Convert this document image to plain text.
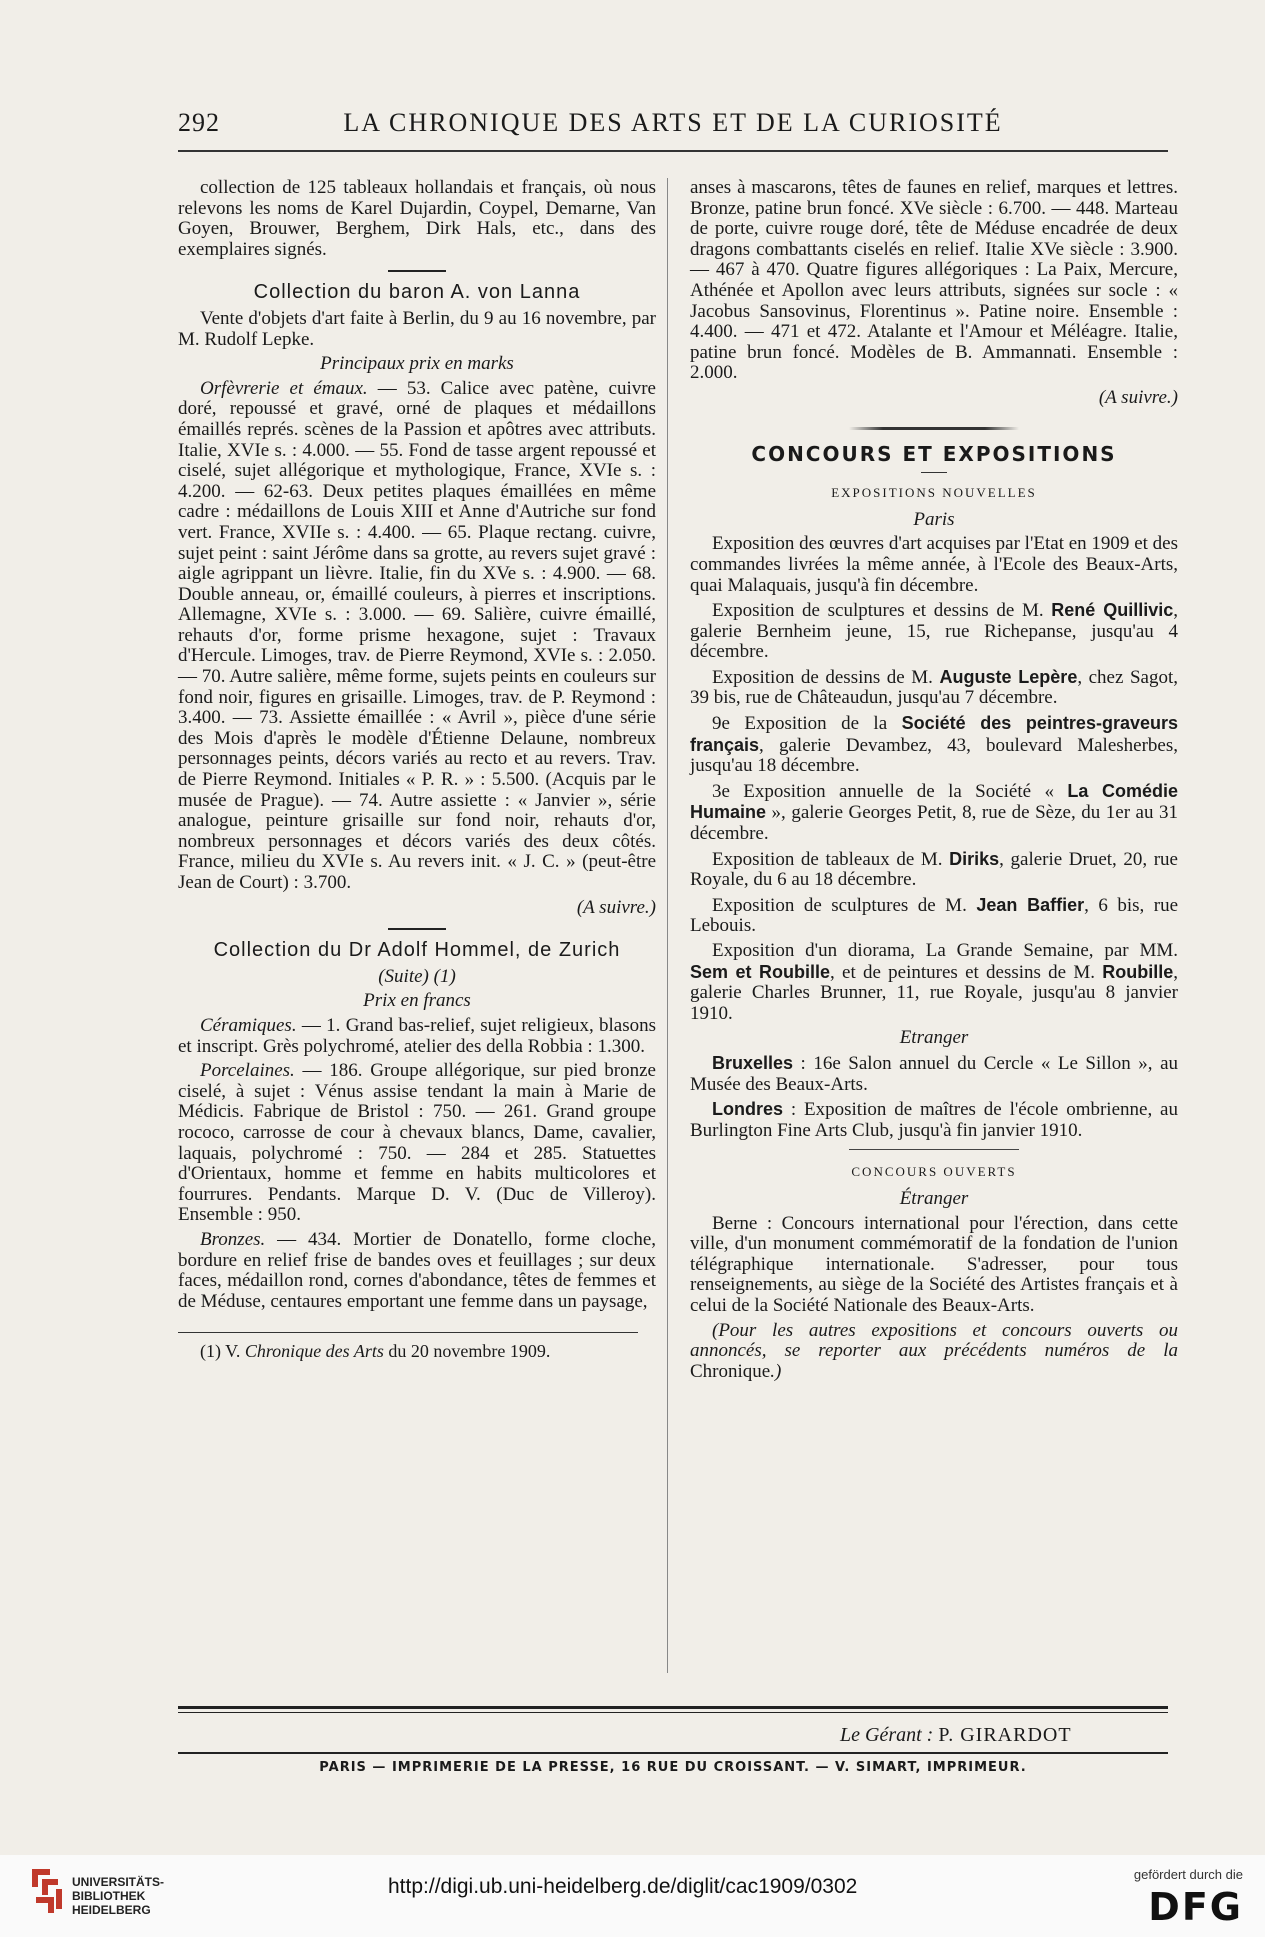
292	LA CHRONIQUE DES ARTS ET DE LA CURIOSITÉ

collection de 125 tableaux hollandais et français, où nous relevons les noms de Karel Dujardin, Coypel, Demarne, Van Goyen, Brouwer, Berghem, Dirk Hals, etc., dans des exemplaires signés.

Collection du baron A. von Lanna

Vente d'objets d'art faite à Berlin, du 9 au 16 novembre, par M. Rudolf Lepke.

Principaux prix en marks

Orfèvrerie et émaux. — 53. Calice avec patène, cuivre doré, repoussé et gravé, orné de plaques et médaillons émaillés représ. scènes de la Passion et apôtres avec attributs. Italie, XVIe s. : 4.000. — 55. Fond de tasse argent repoussé et ciselé, sujet allégorique et mythologique, France, XVIe s. : 4.200. — 62-63. Deux petites plaques émaillées en même cadre : médaillons de Louis XIII et Anne d'Autriche sur fond vert. France, XVIIe s. : 4.400. — 65. Plaque rectang. cuivre, sujet peint : saint Jérôme dans sa grotte, au revers sujet gravé : aigle agrippant un lièvre. Italie, fin du XVe s. : 4.900. — 68. Double anneau, or, émaillé couleurs, à pierres et inscriptions. Allemagne, XVIe s. : 3.000. — 69. Salière, cuivre émaillé, rehauts d'or, forme prisme hexagone, sujet : Travaux d'Hercule. Limoges, trav. de Pierre Reymond, XVIe s. : 2.050. — 70. Autre salière, même forme, sujets peints en couleurs sur fond noir, figures en grisaille. Limoges, trav. de P. Reymond : 3.400. — 73. Assiette émaillée : « Avril », pièce d'une série des Mois d'après le modèle d'Étienne Delaune, nombreux personnages peints, décors variés au recto et au revers. Trav. de Pierre Reymond. Initiales « P. R. » : 5.500. (Acquis par le musée de Prague). — 74. Autre assiette : « Janvier », série analogue, peinture grisaille sur fond noir, rehauts d'or, nombreux personnages et décors variés des deux côtés. France, milieu du XVIe s. Au revers init. « J. C. » (peut-être Jean de Court) : 3.700.

(A suivre.)
Collection du Dr Adolf Hommel, de Zurich
(Suite) (1)
Prix en francs

Céramiques. — 1. Grand bas-relief, sujet religieux, blasons et inscript. Grès polychromé, atelier des della Robbia : 1.300.

Porcelaines. — 186. Groupe allégorique, sur pied bronze ciselé, à sujet : Vénus assise tendant la main à Marie de Médicis. Fabrique de Bristol : 750. — 261. Grand groupe rococo, carrosse de cour à chevaux blancs, Dame, cavalier, laquais, polychromé : 750. — 284 et 285. Statuettes d'Orientaux, homme et femme en habits multicolores et fourrures. Pendants. Marque D. V. (Duc de Villeroy). Ensemble : 950.

Bronzes. — 434. Mortier de Donatello, forme cloche, bordure en relief frise de bandes oves et feuillages ; sur deux faces, médaillon rond, cornes d'abondance, têtes de femmes et de Méduse, centaures emportant une femme dans un paysage,

(1) V. Chronique des Arts du 20 novembre 1909.

anses à mascarons, têtes de faunes en relief, marques et lettres. Bronze, patine brun foncé. XVe siècle : 6.700. — 448. Marteau de porte, cuivre rouge doré, tête de Méduse encadrée de deux dragons combattants ciselés en relief. Italie XVe siècle : 3.900. — 467 à 470. Quatre figures allégoriques : La Paix, Mercure, Athénée et Apollon avec leurs attributs, signées sur socle : « Jacobus Sansovinus, Florentinus ». Patine noire. Ensemble : 4.400. — 471 et 472. Atalante et l'Amour et Méléagre. Italie, patine brun foncé. Modèles de B. Ammannati. Ensemble : 2.000.

(A suivre.)
CONCOURS ET EXPOSITIONS
EXPOSITIONS NOUVELLES
Paris

Exposition des œuvres d'art acquises par l'Etat en 1909 et des commandes livrées la même année, à l'Ecole des Beaux-Arts, quai Malaquais, jusqu'à fin décembre.

Exposition de sculptures et dessins de M. René Quillivic, galerie Bernheim jeune, 15, rue Richepanse, jusqu'au 4 décembre.

Exposition de dessins de M. Auguste Lepère, chez Sagot, 39 bis, rue de Châteaudun, jusqu'au 7 décembre.

9e Exposition de la Société des peintres-graveurs français, galerie Devambez, 43, boulevard Malesherbes, jusqu'au 18 décembre.

3e Exposition annuelle de la Société « La Comédie Humaine », galerie Georges Petit, 8, rue de Sèze, du 1er au 31 décembre.

Exposition de tableaux de M. Diriks, galerie Druet, 20, rue Royale, du 6 au 18 décembre.

Exposition de sculptures de M. Jean Baffier, 6 bis, rue Lebouis.

Exposition d'un diorama, La Grande Semaine, par MM. Sem et Roubille, et de peintures et dessins de M. Roubille, galerie Charles Brunner, 11, rue Royale, jusqu'au 8 janvier 1910.

Etranger

Bruxelles : 16e Salon annuel du Cercle « Le Sillon », au Musée des Beaux-Arts.

Londres : Exposition de maîtres de l'école ombrienne, au Burlington Fine Arts Club, jusqu'à fin janvier 1910.

CONCOURS OUVERTS
Étranger

Berne : Concours international pour l'érection, dans cette ville, d'un monument commémoratif de la fondation de l'union télégraphique internationale. S'adresser, pour tous renseignements, au siège de la Société des Artistes français et à celui de la Société Nationale des Beaux-Arts.

(Pour les autres expositions et concours ouverts ou annoncés, se reporter aux précédents numéros de la Chronique.)

Le Gérant : P. GIRARDOT
PARIS — IMPRIMERIE DE LA PRESSE, 16 RUE DU CROISSANT. — V. SIMART, IMPRIMEUR.
UNIVERSITÄTS-
BIBLIOTHEK
HEIDELBERG
http://digi.ub.uni-heidelberg.de/diglit/cac1909/0302
gefördert durch die
DFG
